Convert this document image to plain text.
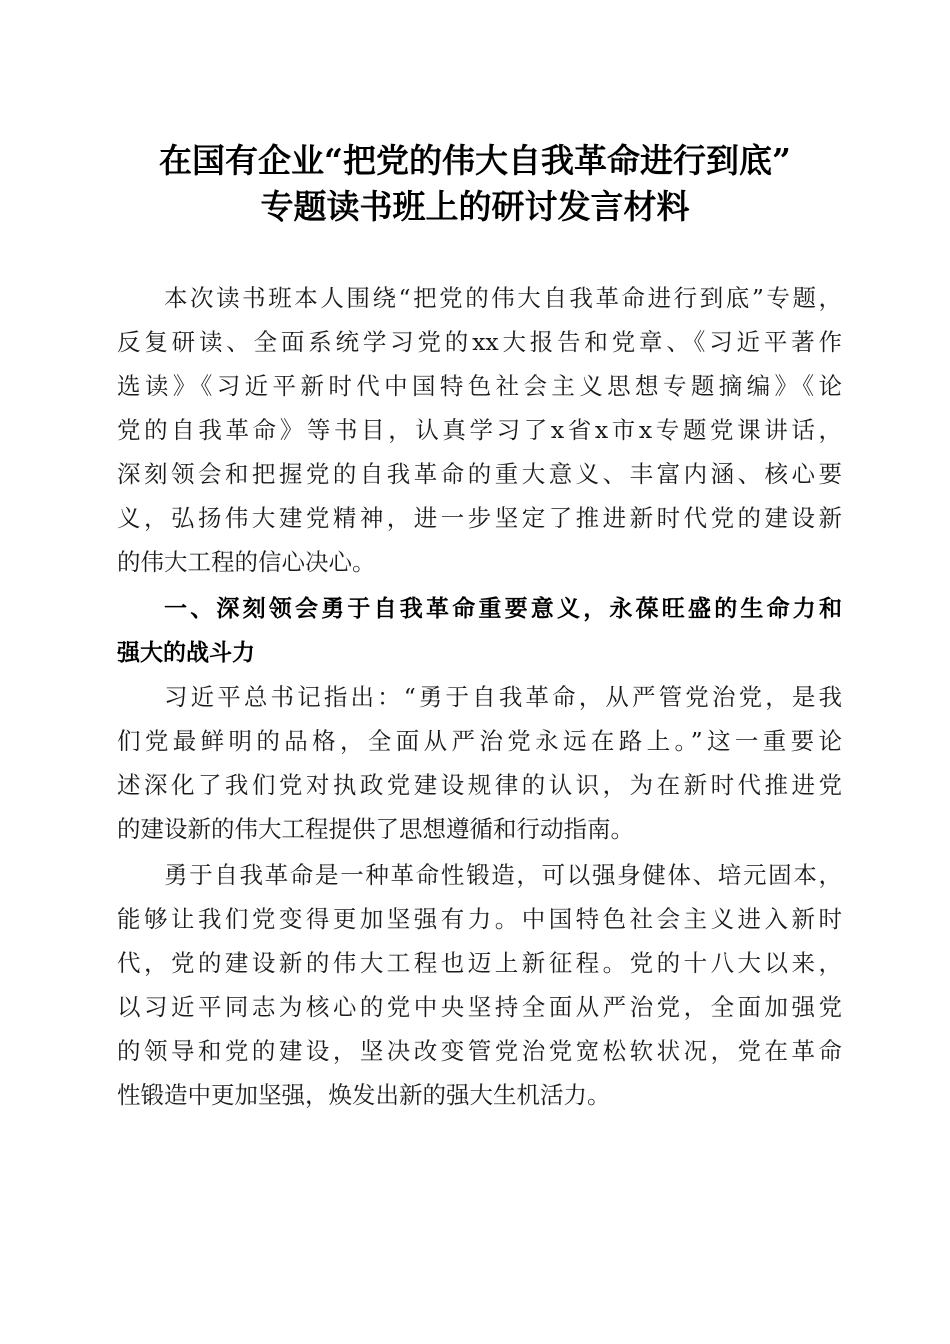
在国有企业“把党的伟大自我革命进行到底”
专题读书班上的研讨发言材料
本次读书班本人围绕“把党的伟大自我革命进行到底”专题，
反复研读、全面系统学习党的xx大报告和党章、《习近平著作
选读》《习近平新时代中国特色社会主义思想专题摘编》《论
党的自我革命》等书目，认真学习了x省x市x专题党课讲话，
深刻领会和把握党的自我革命的重大意义、丰富内涵、核心要
义，弘扬伟大建党精神，进一步坚定了推进新时代党的建设新
的伟大工程的信心决心。
一、深刻领会勇于自我革命重要意义，永葆旺盛的生命力和
强大的战斗力
习近平总书记指出：“勇于自我革命，从严管党治党，是我
们党最鲜明的品格，全面从严治党永远在路上。”这一重要论
述深化了我们党对执政党建设规律的认识，为在新时代推进党
的建设新的伟大工程提供了思想遵循和行动指南。
勇于自我革命是一种革命性锻造，可以强身健体、培元固本，
能够让我们党变得更加坚强有力。中国特色社会主义进入新时
代，党的建设新的伟大工程也迈上新征程。党的十八大以来，
以习近平同志为核心的党中央坚持全面从严治党，全面加强党
的领导和党的建设，坚决改变管党治党宽松软状况，党在革命
性锻造中更加坚强，焕发出新的强大生机活力。
